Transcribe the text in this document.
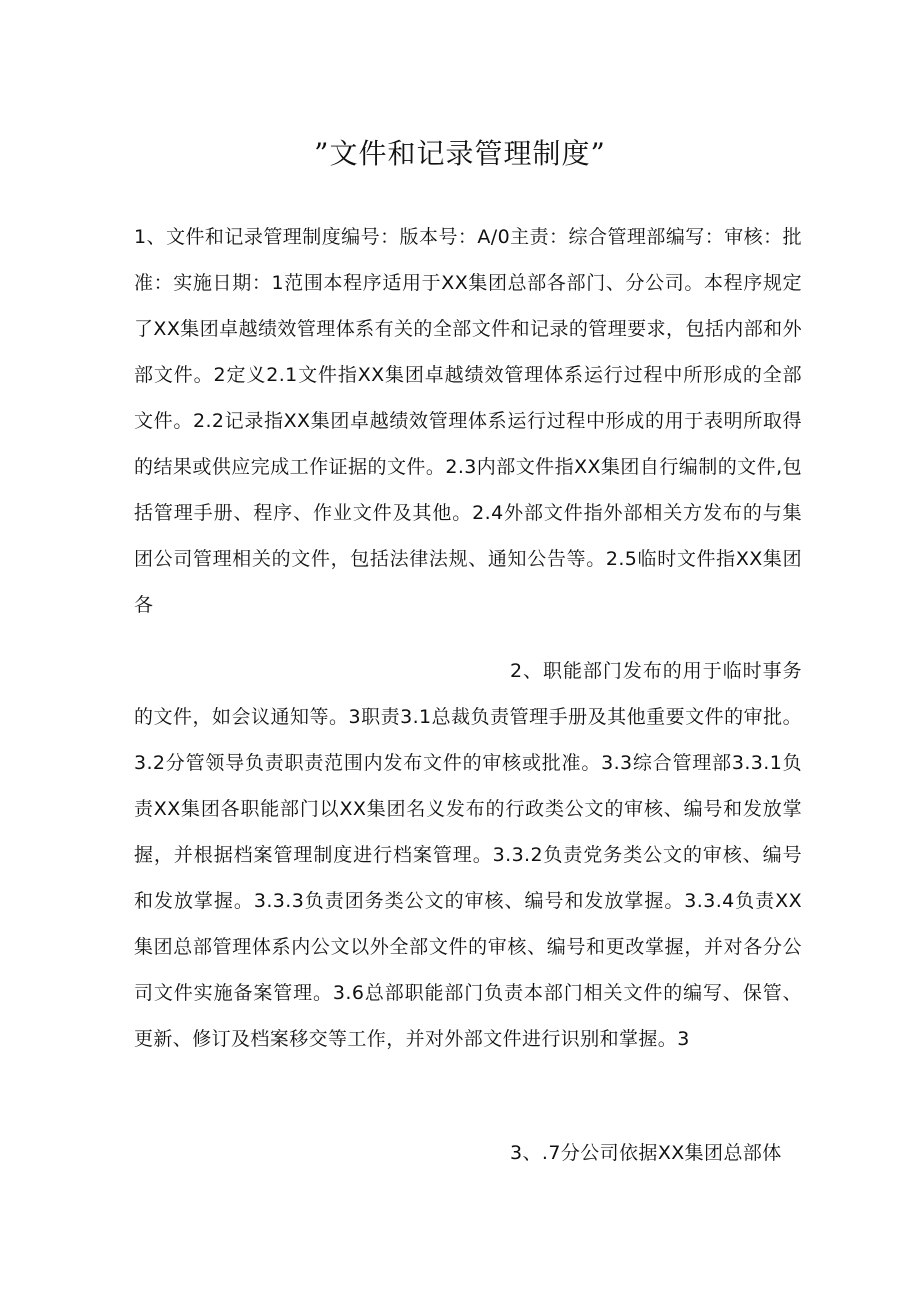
”文件和记录管理制度”

1、文件和记录管理制度编号：版本号：A/0主责：综合管理部编写：审核：批准：实施日期：1范围本程序适用于XX集团总部各部门、分公司。本程序规定了XX集团卓越绩效管理体系有关的全部文件和记录的管理要求，包括内部和外部文件。2定义2.1文件指XX集团卓越绩效管理体系运行过程中所形成的全部文件。2.2记录指XX集团卓越绩效管理体系运行过程中形成的用于表明所取得的结果或供应完成工作证据的文件。2.3内部文件指XX集团自行编制的文件,包括管理手册、程序、作业文件及其他。2.4外部文件指外部相关方发布的与集团公司管理相关的文件，包括法律法规、通知公告等。2.5临时文件指XX集团各

2、职能部门发布的用于临时事务的文件，如会议通知等。3职责3.1总裁负责管理手册及其他重要文件的审批。3.2分管领导负责职责范围内发布文件的审核或批准。3.3综合管理部3.3.1负责XX集团各职能部门以XX集团名义发布的行政类公文的审核、编号和发放掌握，并根据档案管理制度进行档案管理。3.3.2负责党务类公文的审核、编号和发放掌握。3.3.3负责团务类公文的审核、编号和发放掌握。3.3.4负责XX集团总部管理体系内公文以外全部文件的审核、编号和更改掌握，并对各分公司文件实施备案管理。3.6总部职能部门负责本部门相关文件的编写、保管、更新、修订及档案移交等工作，并对外部文件进行识别和掌握。3

3、.7分公司依据XX集团总部体
